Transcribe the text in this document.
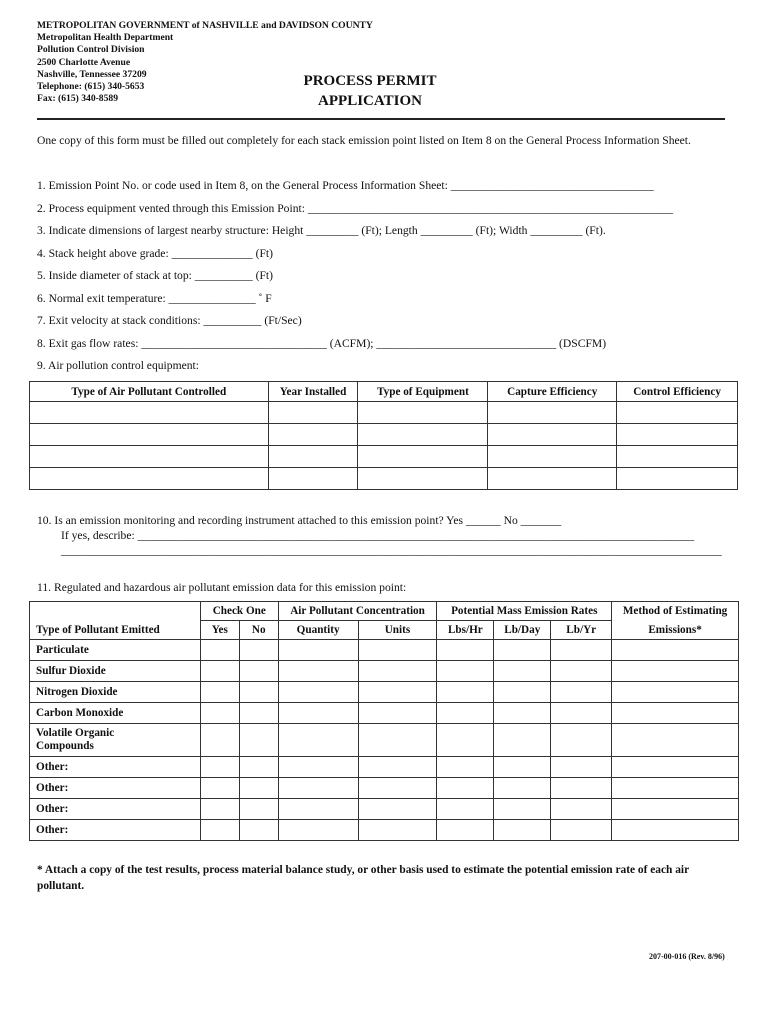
METROPOLITAN GOVERNMENT of NASHVILLE and DAVIDSON COUNTY
Metropolitan Health Department
Pollution Control Division
2500 Charlotte Avenue
Nashville, Tennessee 37209
Telephone: (615) 340-5653
Fax: (615) 340-8589
PROCESS PERMIT
APPLICATION
One copy of this form must be filled out completely for each stack emission point listed on Item 8 on the General Process Information Sheet.
1. Emission Point No. or code used in Item 8, on the General Process Information Sheet: ___________________________________
2. Process equipment vented through this Emission Point: _______________________________________________________________
3. Indicate dimensions of largest nearby structure: Height _________ (Ft); Length _________ (Ft); Width _________ (Ft).
4. Stack height above grade: ______________ (Ft)
5. Inside diameter of stack at top: __________ (Ft)
6. Normal exit temperature: _______________ ˚ F
7. Exit velocity at stack conditions: __________ (Ft/Sec)
8. Exit gas flow rates: ________________________________ (ACFM); _______________________________ (DSCFM)
9. Air pollution control equipment:
Type of Air Pollutant Controlled	Year Installed	Type of Equipment	Capture Efficiency	Control Efficiency

10. Is an emission monitoring and recording instrument attached to this emission point? Yes ______ No _______
If yes, describe: ________________________________________________________________________________________________
__________________________________________________________________________________________________________________
11. Regulated and hazardous air pollutant emission data for this emission point:
	Check One		Air Pollutant Concentration		Potential Mass Emission Rates			Method of Estimating
Type of Pollutant Emitted	Yes	No	Quantity	Units	Lbs/Hr	Lb/Day	Lb/Yr	Emissions*
Particulate								
Sulfur Dioxide								
Nitrogen Dioxide								
Carbon Monoxide								
Volatile Organic Compounds								
Other:								
Other:								
Other:								
Other:								
* Attach a copy of the test results, process material balance study, or other basis used to estimate the potential emission rate of each air pollutant.
207-00-016 (Rev. 8/96)
